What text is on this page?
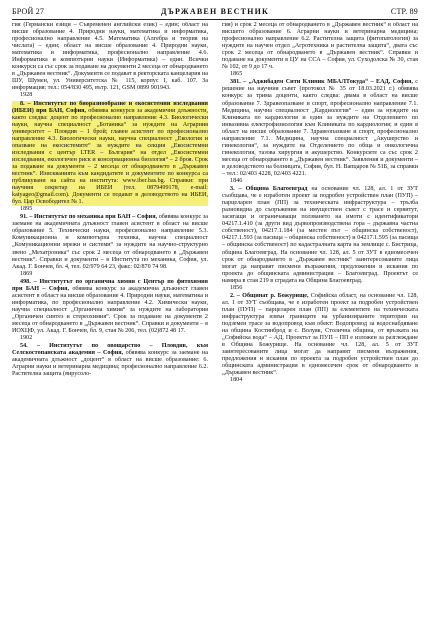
БРОЙ 27	ДЪРЖАВЕН ВЕСТНИК	СТР. 89

гия (Германски езици – Съвременен английски език) – един; област на висше образование 4. Природни науки, математика и информатика, професионално направление 4.5. Математика (Алгебра и теория на числата) – един; област на висше образование 4. Природни науки, математика и информатика, професионално направление 4.6. Информатика и компютърни науки (Информатика) – един. Всички конкурси са със срок за подаване на документи 2 месеца от обнародването в „Държавен вестник“. Документи се подават в ректорската канцелария на ШУ, Шумен, ул. Университетска № 115, корпус I, каб. 107. За информация: тел.: 054/830 495, вътр. 121, GSM 0899 901943.

1928

8. – Институтът по биоразнообразие и екосистемни изследвания (ИБЕИ) при БАН, София, обявява конкурси за академични длъжности, както следва: доцент по професионално направление 4.3. Биологически науки, научна специалност „Ботаника“ за нуждите на Аграрния университет – Пловдив – 1 брой; главен асистент по професионално направление 4.3. Биологически науки, научна специалност „Екология и опазване на екосистемите“ за нуждите на секция „Екосистемни изследвания с център LTER – България“ на отдел „Екосистемни изследвания, екологичен риск и консервационна биология“ – 2 броя. Срок за подаване на документи – 2 месеца от обнародването в „Държавен вестник“. Изискванията към кандидатите и документите по конкурса са публикувани на сайта на института: www.iber.bas.bg. Справки: при научния секретар на ИБЕИ (тел. 0879499178, e-mail: katyageo@gmail.com). Документи се подават в деловодството на ИБЕИ, бул. Цар Освободител № 1.

1895

91. – Институтът по механика при БАН – София, обявява конкурс за заемане на академичната длъжност главен асистент в област на висше образование 5. Технически науки, професионално направление 5.3. Комуникационна и компютърна техника, научна специалност „Комуникационни мрежи и системи“ за нуждите на научно-структурно звено „Мехатроника“ със срок 2 месеца от обнародването в „Държавен вестник“. Справки и документи – в Института по механика, София, ул. Акад. Г. Бончев, бл. 4, тел. 02/979 64 23, факс: 02/870 74 98.

1869

498. – Институтът по органична химия с Център по фитохимия при БАН – София, обявява конкурс за академична длъжност главен асистент в област на висше образование 4. Природни науки, математика и информатика, по професионално направление 4.2. Химически науки, научна специалност „Органична химия“ за нуждите на лаборатория „Органичен синтез и стереохимия“. Срок за подаване на документи 2 месеца от обнародването в „Държавен вестник“. Справки и документи – в ИОХЦФ, ул. Акад. Г. Бончев, бл. 9, стая № 206, тел. (02)872 48 17.

1902

54. – Институтът по овощарство – Пловдив, към Селскостопанската академия – София, обявява конкурс за заемане на академичната длъжност „доцент“ в област на висше образование: 6. Аграрни науки и ветеринарна медицина; професионално направление 6.2. Растителна защита (вирусоло-

гия) и срок 2 месеца от обнародването в „Държавен вестник“ в област на висшето образование 6. Аграрни науки и ветеринарна медицина; професионално направление 6.2. Растителна защита (фитопатология) за нуждите на научен отдел „Агротехника и растителна защита“, двата със срок 2 месеца от обнародването в „Държавен вестник“. Справки и подаване на документи в ЦУ на ССА – София, ул. Суходолска № 30, стая № 102, от 9 до 17 ч.

1865

381. – „Аджибадем Сити Клиник МБАЛТокуда“ – ЕАД, София, с решение на научния съвет (протокол № 35 от 18.03.2021 г.) обявява конкурс за трима доценти, както следва: двама в област на висше образование 7. Здравеопазване и спорт, професионално направление 7.1. Медицина, научна специалност „Кардиология“ – един за нуждите на Клиниката по кардиология и един за нуждите на Отделението по инвазивна електрофизиология към Клиниката по кардиология; и един в област на висше образование 7. Здравеопазване и спорт, професионално направление 7.1. Медицина, научна специалност „Акушерство и гинекология“, за нуждите на Отделението по обща и онкологична гинекология, тазова хирургия и акушерство. Конкурсите са със срок 2 месеца от обнародването в „Държавен вестник“. Заявления и документи – в деловодството на болницата, София, бул. Н. Вапцаров № 51Б, за справки – тел.: 02/403 4228, 02/403 4221.

1846

3. – Община Благоевград на основание чл. 128, ал. 1 от ЗУТ съобщава, че е изработен проект за подробен устройствен план (ПУП) – парцеларен план (ПП) за техническата инфраструктура – трълба разновидна до съоръжения на имуществен съвет с трасе и сервитут, засягащи и ограничаващи ползването на имоти с идентификатори 04217.1.410 (за други вид дървопроизводствена гора – държавна частна собственост), 04217.1.184 (за местен път – общинска собственост), 04217.1.593 (за пасища – общинска собственост) и 04217.1.595 (за пасища – общинска собственост) по кадастралната карта на землище с. Бистрица, община Благоевград. На основание чл. 128, ал. 5 от ЗУТ в едномесечен срок от обнародването в „Държавен вестник“ заинтересованите лица могат да направят писмени възражения, предложения и искания по проекта до общинската администрация – Благоевград. Проектът се намира в стая 219 в сградата на Община Благоевград.

1856

2. – Общинат р. Божурище, Софийска област, на основание чл. 128, ал. 1 от ЗУТ съобщава, че е изработен проект за подробен устройствен план (ПУП) – парцеларен план (ПП) за елементите на техническата инфраструктура извън границите на урбанизираните територии на подземен трасе за водопровод към обект: Водопровод за водоснабдяване на община Костинброд и с. Волуяк, Столична община, от връзката на „Софийска вода“ – АД. Проектът за ПУП – ПП е изложен за разглеждане в Община Божурище. На основание чл. 128, ал. 5 от ЗУТ заинтересованите лица могат да направят писмени възражения, предложения и искания по проекта за подробен устройствен план до общинската администрация в едномесечен срок от обнародването в „Държавен вестник“.

1804
